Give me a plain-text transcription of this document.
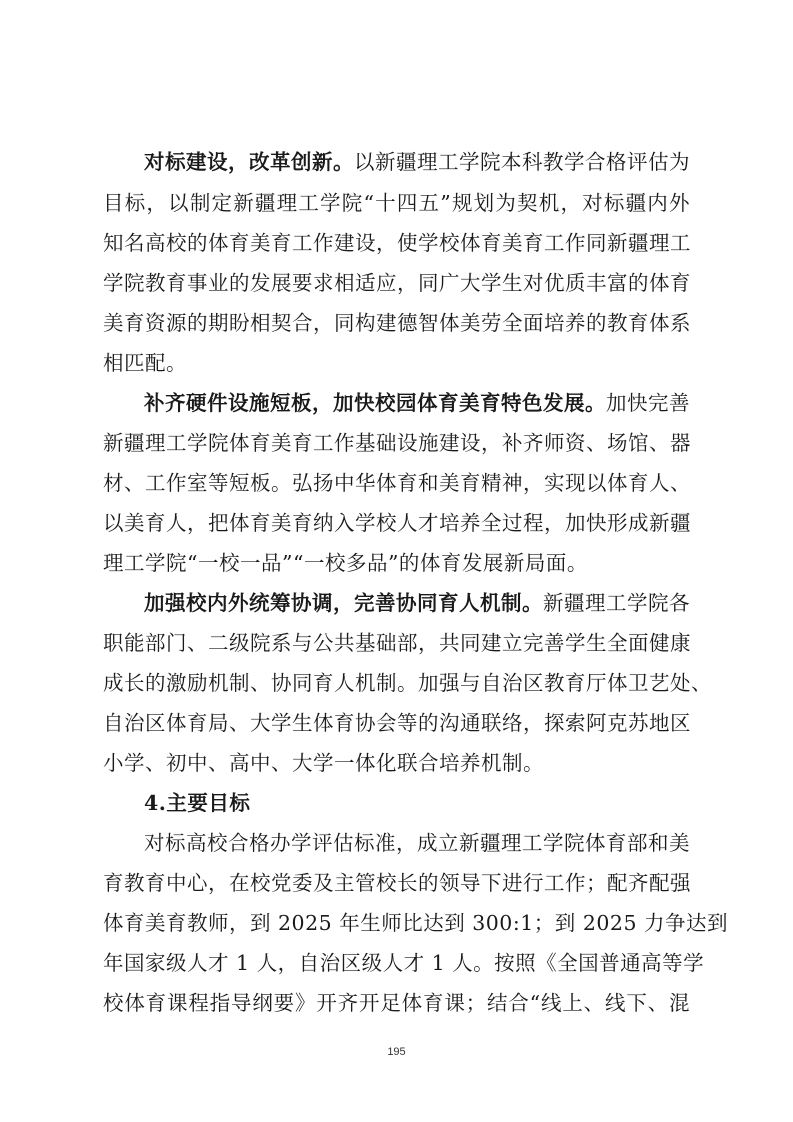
对标建设，改革创新。以新疆理工学院本科教学合格评估为
目标，以制定新疆理工学院“十四五”规划为契机，对标疆内外
知名高校的体育美育工作建设，使学校体育美育工作同新疆理工
学院教育事业的发展要求相适应，同广大学生对优质丰富的体育
美育资源的期盼相契合，同构建德智体美劳全面培养的教育体系
相匹配。
补齐硬件设施短板，加快校园体育美育特色发展。加快完善
新疆理工学院体育美育工作基础设施建设，补齐师资、场馆、器
材、工作室等短板。弘扬中华体育和美育精神，实现以体育人、
以美育人，把体育美育纳入学校人才培养全过程，加快形成新疆
理工学院“一校一品”“一校多品”的体育发展新局面。
加强校内外统筹协调，完善协同育人机制。新疆理工学院各
职能部门、二级院系与公共基础部，共同建立完善学生全面健康
成长的激励机制、协同育人机制。加强与自治区教育厅体卫艺处、
自治区体育局、大学生体育协会等的沟通联络，探索阿克苏地区
小学、初中、高中、大学一体化联合培养机制。
4.主要目标
对标高校合格办学评估标准，成立新疆理工学院体育部和美
育教育中心，在校党委及主管校长的领导下进行工作；配齐配强
体育美育教师，到 2025 年生师比达到 300:1；到 2025 力争达到
年国家级人才 1 人，自治区级人才 1 人。按照《全国普通高等学
校体育课程指导纲要》开齐开足体育课；结合“线上、线下、混
195
